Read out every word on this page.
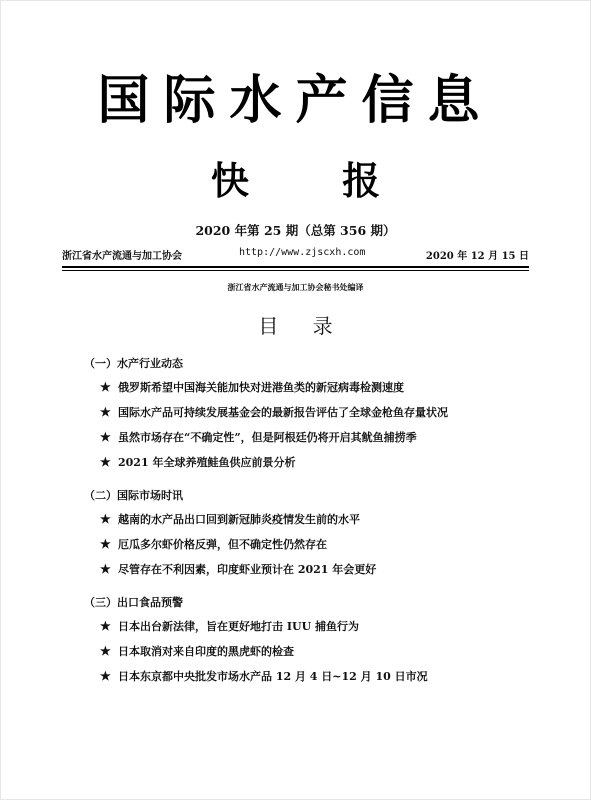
国际水产信息
快 报
2020 年第 25 期（总第 356 期）
浙江省水产流通与加工协会	http://www.zjscxh.com	2020 年 12 月 15 日
浙江省水产流通与加工协会秘书处编译
目 录
（一）水产行业动态
★ 俄罗斯希望中国海关能加快对进港鱼类的新冠病毒检测速度
★ 国际水产品可持续发展基金会的最新报告评估了全球金枪鱼存量状况
★ 虽然市场存在“不确定性”，但是阿根廷仍将开启其鱿鱼捕捞季
★ 2021 年全球养殖鲑鱼供应前景分析
（二）国际市场时讯
★ 越南的水产品出口回到新冠肺炎疫情发生前的水平
★ 厄瓜多尔虾价格反弹，但不确定性仍然存在
★ 尽管存在不利因素，印度虾业预计在 2021 年会更好
（三）出口食品预警
★ 日本出台新法律，旨在更好地打击 IUU 捕鱼行为
★ 日本取消对来自印度的黑虎虾的检查
★ 日本东京都中央批发市场水产品 12 月 4 日~12 月 10 日市况
